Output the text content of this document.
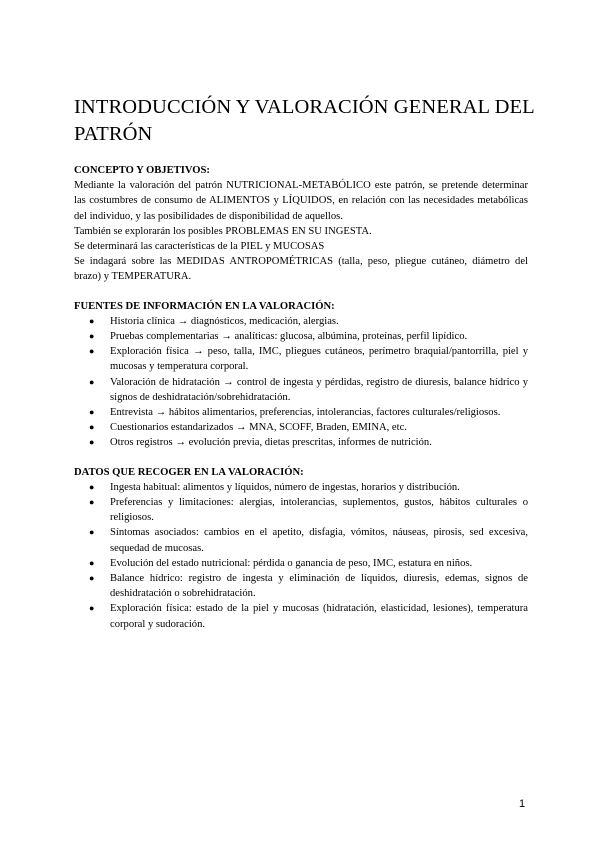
INTRODUCCIÓN Y VALORACIÓN GENERAL DEL PATRÓN

CONCEPTO Y OBJETIVOS:

Mediante la valoración del patrón NUTRICIONAL-METABÓLICO este patrón, se pretende determinar las costumbres de consumo de ALIMENTOS y LÍQUIDOS, en relación con las necesidades metabólicas del individuo, y las posibilidades de disponibilidad de aquellos.

También se explorarán los posibles PROBLEMAS EN SU INGESTA.

Se determinará las características de la PIEL y MUCOSAS

Se indagará sobre las MEDIDAS ANTROPOMÉTRICAS (talla, peso, pliegue cutáneo, diámetro del brazo) y TEMPERATURA.

FUENTES DE INFORMACIÓN EN LA VALORACIÓN:

● Historia clínica → diagnósticos, medicación, alergias.
● Pruebas complementarias → analíticas: glucosa, albúmina, proteínas, perfil lipídico.
● Exploración física → peso, talla, IMC, pliegues cutáneos, perímetro braquial/pantorrilla, piel y mucosas y temperatura corporal.
● Valoración de hidratación → control de ingesta y pérdidas, registro de diuresis, balance hídrico y signos de deshidratación/sobrehidratación.
● Entrevista → hábitos alimentarios, preferencias, intolerancias, factores culturales/religiosos.
● Cuestionarios estandarizados → MNA, SCOFF, Braden, EMINA, etc.
● Otros registros → evolución previa, dietas prescritas, informes de nutrición.

DATOS QUE RECOGER EN LA VALORACIÓN:

● Ingesta habitual: alimentos y líquidos, número de ingestas, horarios y distribución.
● Preferencias y limitaciones: alergias, intolerancias, suplementos, gustos, hábitos culturales o religiosos.
● Síntomas asociados: cambios en el apetito, disfagia, vómitos, náuseas, pirosis, sed excesiva, sequedad de mucosas.
● Evolución del estado nutricional: pérdida o ganancia de peso, IMC, estatura en niños.
● Balance hídrico: registro de ingesta y eliminación de líquidos, diuresis, edemas, signos de deshidratación o sobrehidratación.
● Exploración física: estado de la piel y mucosas (hidratación, elasticidad, lesiones), temperatura corporal y sudoración.
1
